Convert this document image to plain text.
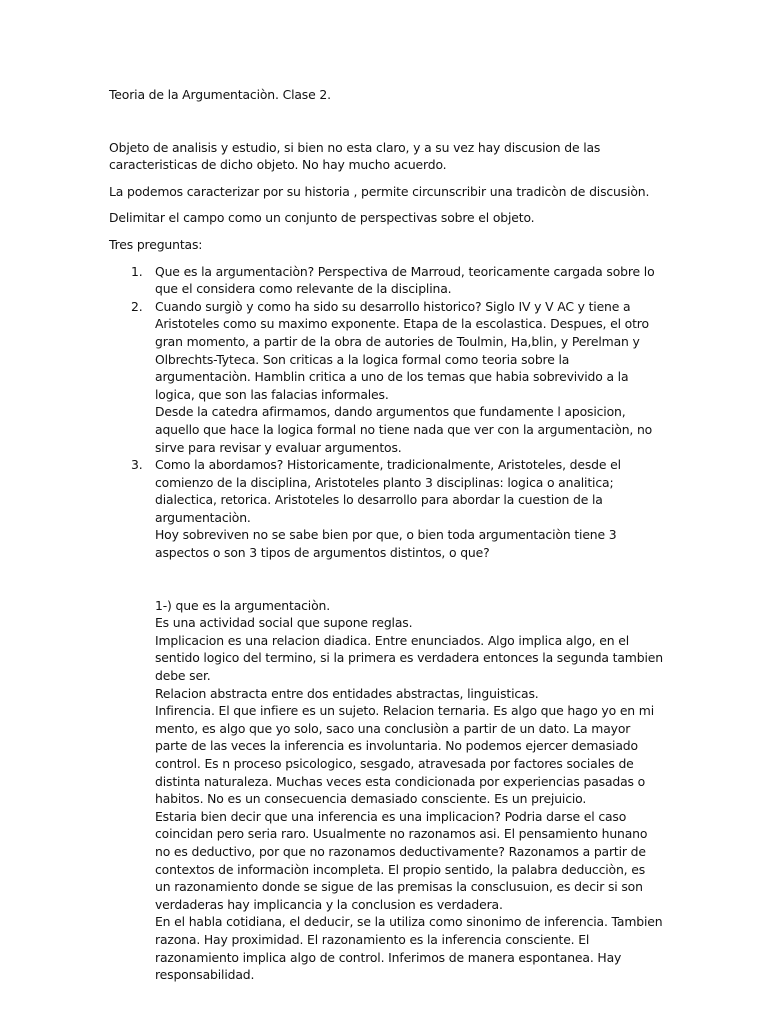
Teoria de la Argumentaciòn. Clase 2.

Objeto de analisis y estudio, si bien no esta claro, y a su vez hay discusion de las caracteristicas de dicho objeto. No hay mucho acuerdo.

La podemos caracterizar por su historia , permite circunscribir una tradicòn de discusiòn.

Delimitar el campo como un conjunto de perspectivas sobre el objeto.

Tres preguntas:

1. Que es la argumentaciòn? Perspectiva de Marroud, teoricamente cargada sobre lo que el considera como relevante de la disciplina.

2. Cuando surgiò y como ha sido su desarrollo historico? Siglo IV y V AC y tiene a Aristoteles como su maximo exponente. Etapa de la escolastica. Despues, el otro gran momento, a partir de la obra de autories de Toulmin, Ha,blin, y Perelman y Olbrechts-Tyteca. Son criticas a la logica formal como teoria sobre la argumentaciòn. Hamblin critica a uno de los temas que habia sobrevivido a la logica, que son las falacias informales.

Desde la catedra afirmamos, dando argumentos que fundamente l aposicion, aquello que hace la logica formal no tiene nada que ver con la argumentaciòn, no sirve para revisar y evaluar argumentos.

3. Como la abordamos? Historicamente, tradicionalmente, Aristoteles, desde el comienzo de la disciplina, Aristoteles planto 3 disciplinas: logica o analitica; dialectica, retorica. Aristoteles lo desarrollo para abordar la cuestion de la argumentaciòn.

Hoy sobreviven no se sabe bien por que, o bien toda argumentaciòn tiene 3 aspectos o son 3 tipos de argumentos distintos, o que?

1-) que es la argumentaciòn.

Es una actividad social que supone reglas.

Implicacion es una relacion diadica. Entre enunciados. Algo implica algo, en el sentido logico del termino, si la primera es verdadera entonces la segunda tambien debe ser.

Relacion abstracta entre dos entidades abstractas, linguisticas.

Infirencia. El que infiere es un sujeto. Relacion ternaria. Es algo que hago yo en mi mento, es algo que yo solo, saco una conclusiòn a partir de un dato. La mayor parte de las veces la inferencia es involuntaria. No podemos ejercer demasiado control. Es n proceso psicologico, sesgado, atravesada por factores sociales de distinta naturaleza. Muchas veces esta condicionada por experiencias pasadas o habitos. No es un consecuencia demasiado consciente. Es un prejuicio.

Estaria bien decir que una inferencia es una implicacion? Podria darse el caso coincidan pero seria raro. Usualmente no razonamos asi. El pensamiento hunano no es deductivo, por que no razonamos deductivamente? Razonamos a partir de contextos de informaciòn incompleta. El propio sentido, la palabra deducciòn, es un razonamiento donde se sigue de las premisas la consclusuion, es decir si son verdaderas hay implicancia y la conclusion es verdadera.

En el habla cotidiana, el deducir, se la utiliza como sinonimo de inferencia. Tambien razona. Hay proximidad. El razonamiento es la inferencia consciente. El razonamiento implica algo de control. Inferimos de manera espontanea. Hay responsabilidad.
